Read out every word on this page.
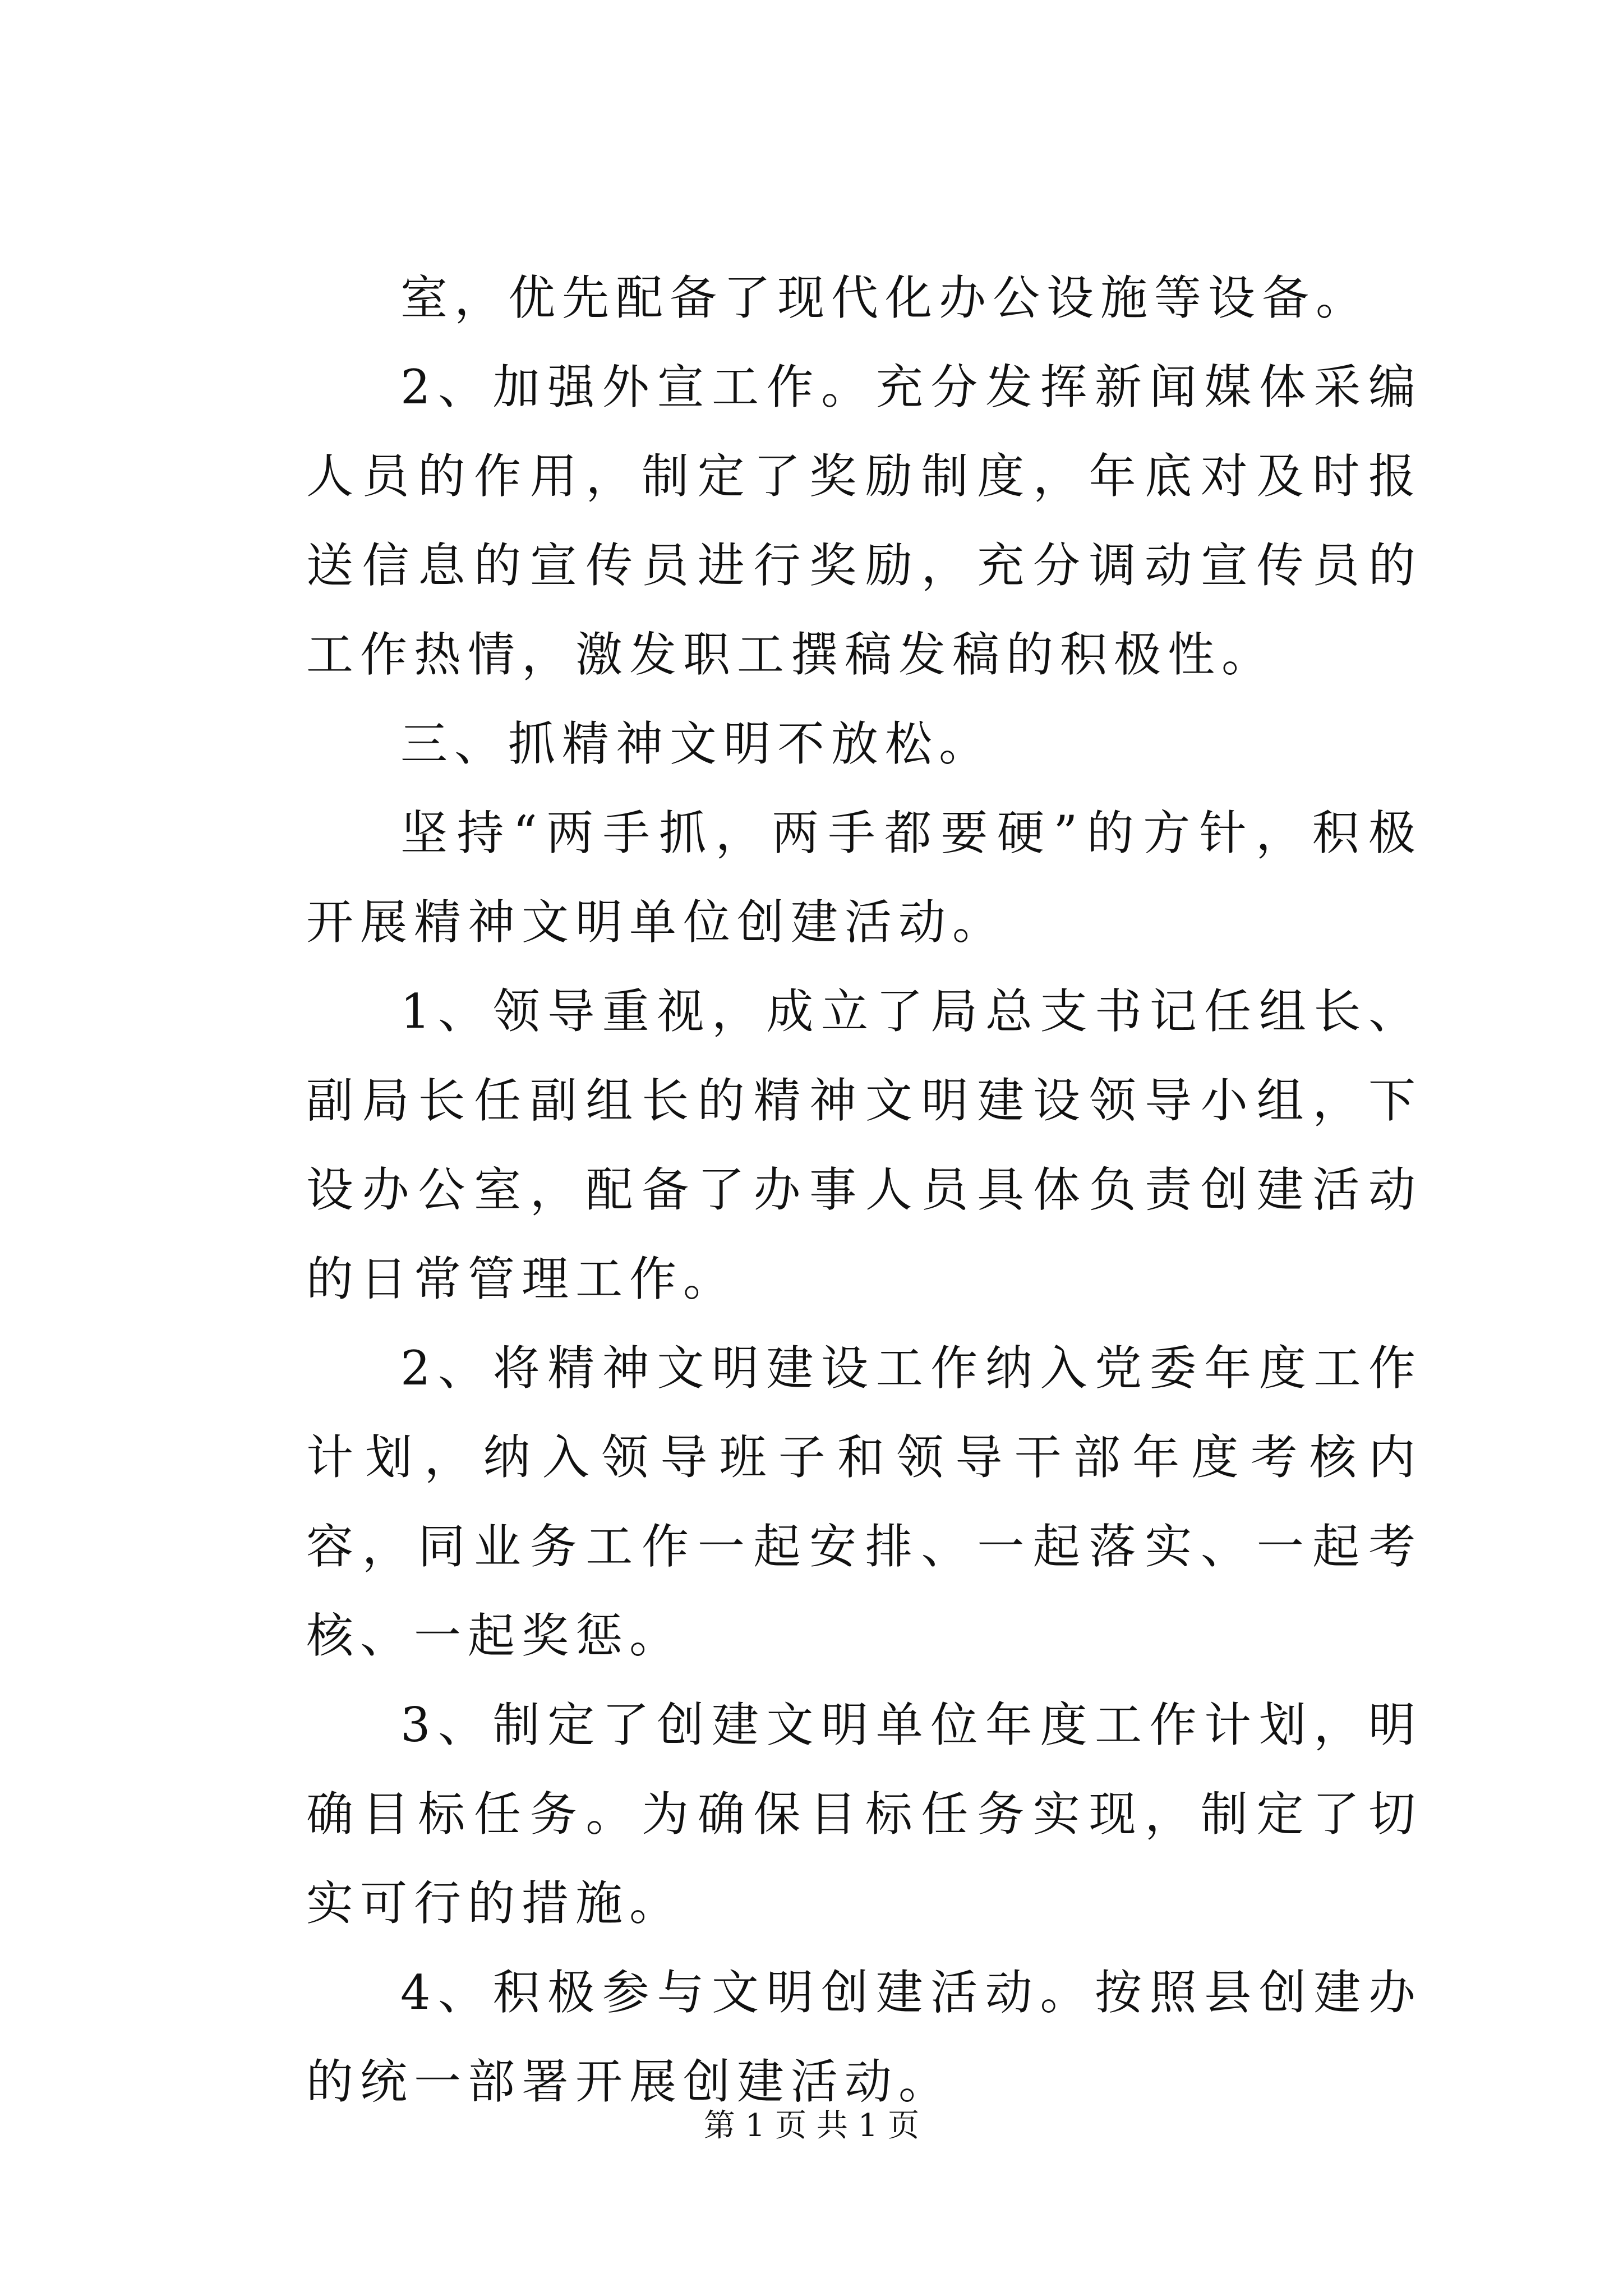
室，优先配备了现代化办公设施等设备。

2、加强外宣工作。充分发挥新闻媒体采编人员的作用，制定了奖励制度，年底对及时报送信息的宣传员进行奖励，充分调动宣传员的工作热情，激发职工撰稿发稿的积极性。

三、抓精神文明不放松。

坚持“两手抓，两手都要硬”的方针，积极开展精神文明单位创建活动。

1、领导重视，成立了局总支书记任组长、副局长任副组长的精神文明建设领导小组，下设办公室，配备了办事人员具体负责创建活动的日常管理工作。

2、将精神文明建设工作纳入党委年度工作计划，纳入领导班子和领导干部年度考核内容，同业务工作一起安排、一起落实、一起考核、一起奖惩。

3、制定了创建文明单位年度工作计划，明确目标任务。为确保目标任务实现，制定了切实可行的措施。

4、积极参与文明创建活动。按照县创建办的统一部署开展创建活动。

第 1 页 共 1 页
